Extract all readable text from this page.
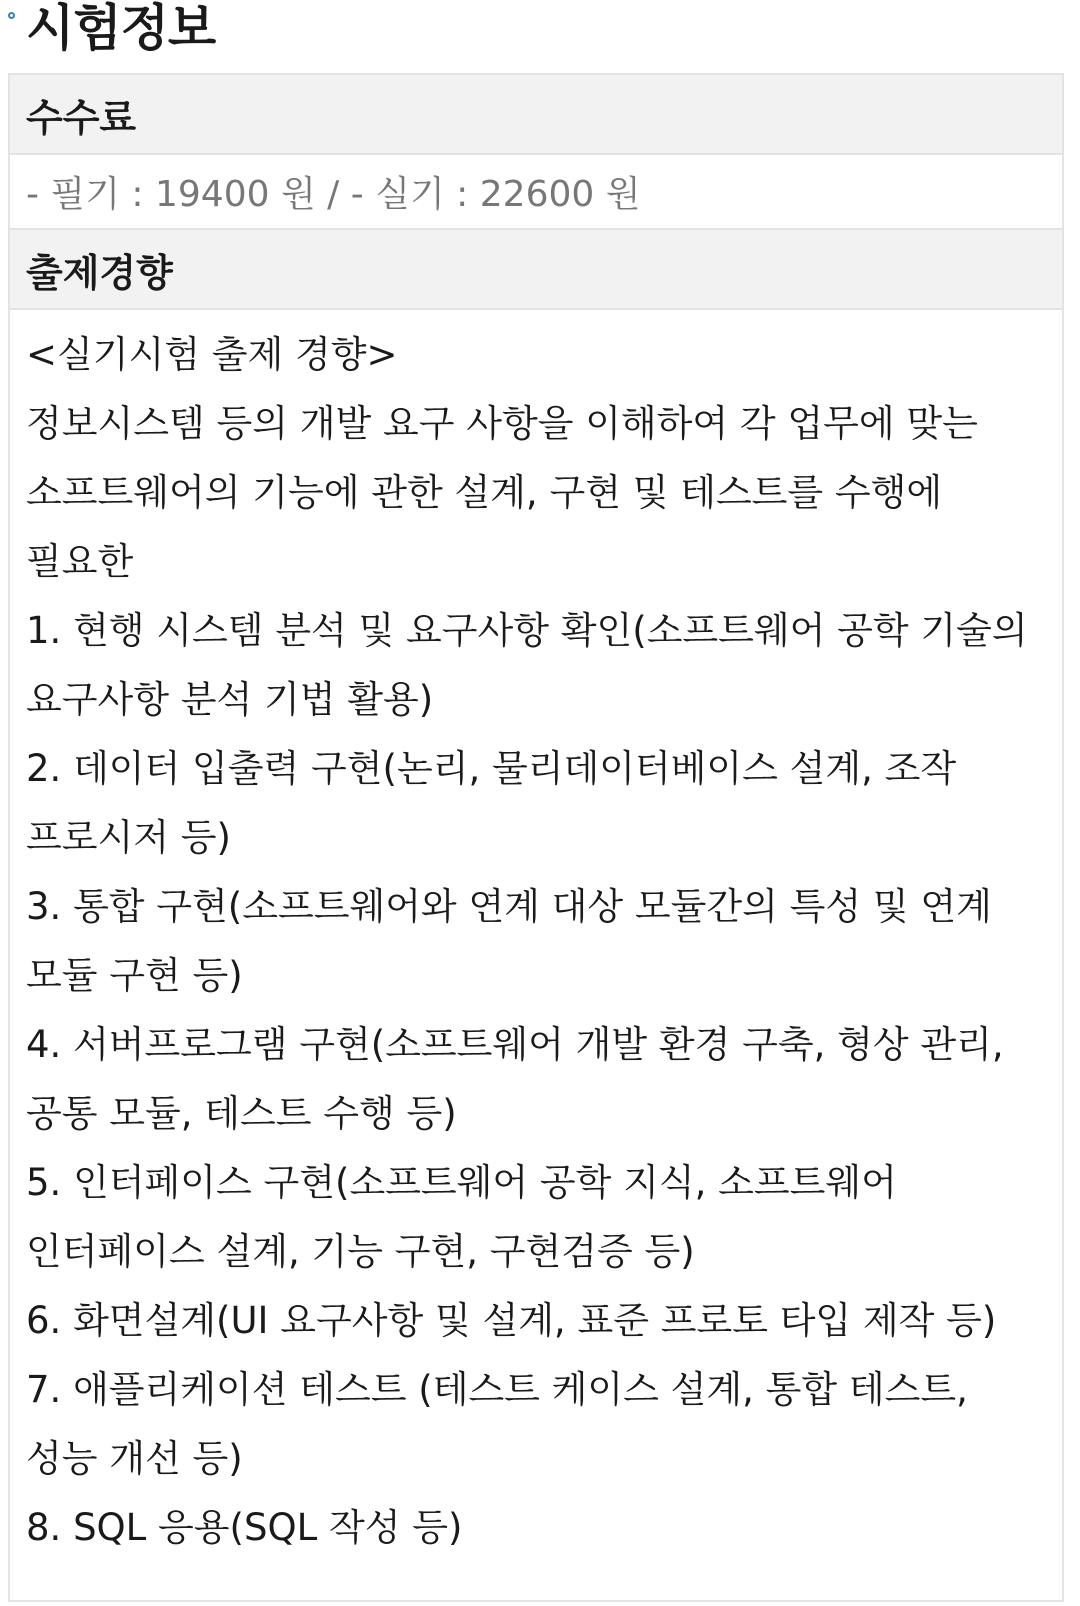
시험정보
수수료
- 필기 : 19400 원 / - 실기 : 22600 원
출제경향
<실기시험 출제 경향>
정보시스템 등의 개발 요구 사항을 이해하여 각 업무에 맞는 소프트웨어의 기능에 관한 설계, 구현 및 테스트를 수행에 필요한
1. 현행 시스템 분석 및 요구사항 확인(소프트웨어 공학 기술의 요구사항 분석 기법 활용)
2. 데이터 입출력 구현(논리, 물리데이터베이스 설계, 조작 프로시저 등)
3. 통합 구현(소프트웨어와 연계 대상 모듈간의 특성 및 연계 모듈 구현 등)
4. 서버프로그램 구현(소프트웨어 개발 환경 구축, 형상 관리, 공통 모듈, 테스트 수행 등)
5. 인터페이스 구현(소프트웨어 공학 지식, 소프트웨어 인터페이스 설계, 기능 구현, 구현검증 등)
6. 화면설계(UI 요구사항 및 설계, 표준 프로토 타입 제작 등)
7. 애플리케이션 테스트 (테스트 케이스 설계, 통합 테스트, 성능 개선 등)
8. SQL 응용(SQL 작성 등)
